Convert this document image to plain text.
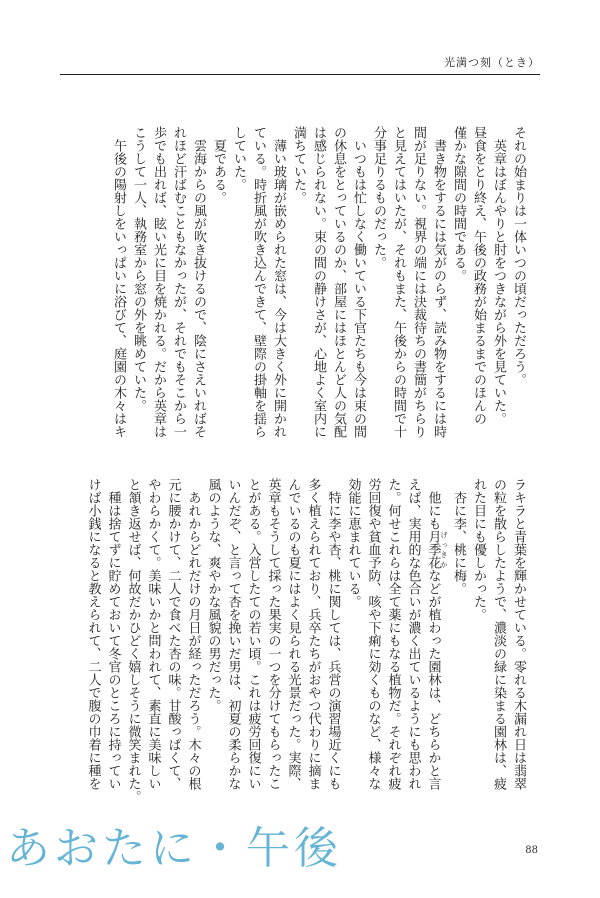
光満つ刻（とき）

それの始まりは一体いつの頃だっただろう。

　英章はぼんやりと肘をつきながら外を見ていた。

昼食をとり終え、午後の政務が始まるまでのほんの

僅かな隙間の時間である。

　書き物をするには気がのらず、読み物をするには時

間が足りない。視界の端には決裁待ちの書簡がちらり

と見えてはいたが、それもまた、午後からの時間で十

分事足りるものだった。

　いつもは忙しなく働いている下官たちも今は束の間

の休息をとっているのか、部屋にはほとんど人の気配

は感じられない。束の間の静けさが、心地よく室内に

満ちていた。

　薄い玻璃が嵌められた窓は、今は大きく外に開かれ

ている。時折風が吹き込んできて、壁際の掛軸を揺ら

していた。

　夏である。

　雲海からの風が吹き抜けるので、陰にさえいればそ

れほど汗ばむこともなかったが、それでもそこから一

歩でも出れば、眩い光に目を焼かれる。だから英章は

こうして一人、執務室から窓の外を眺めていた。

　午後の陽射しをいっぱいに浴びて、庭園の木々はキ

ラキラと青葉を輝かせている。零れる木漏れ日は翡翠

の粒を散らしたようで、濃淡の緑に染まる園林は、疲

れた目にも優しかった。

　杏に李、桃に梅。

　他にも月季花 げっきかなどが植わった園林は、どちらかと言

えば、実用的な色合いが濃く出ているようにも思われ

た。何せこれらは全て薬にもなる植物だ。それぞれ疲

労回復や貧血予防、咳や下痢に効くものなど、様々な

効能に恵まれている。

　特に李や杏、桃に関しては、兵営の演習場近くにも

多く植えられており、兵卒たちがおやつ代わりに摘ま

んでいるのも夏にはよく見られる光景だった。実際、

英章もそうして採った果実の一つを分けてもらったこ

とがある。入営したての若い頃。これは疲労回復にい

いんだぞ、と言って杏を挽いだ男は、初夏の柔らかな

風のような、爽やかな風貌の男だった。

　あれからどれだけの月日が経っただろう。木々の根

元に腰かけて、二人で食べた杏の味。甘酸っぱくて、

やわらかくて。美味いかと問われて、素直に美味しい

と頷き返せば、何故だかひどく嬉しそうに微笑まれた。

　種は捨てずに貯めておいて冬官のところに持ってい

けば小銭になると教えられて、二人で腹の巾着に種を

88
あおたに・午後
